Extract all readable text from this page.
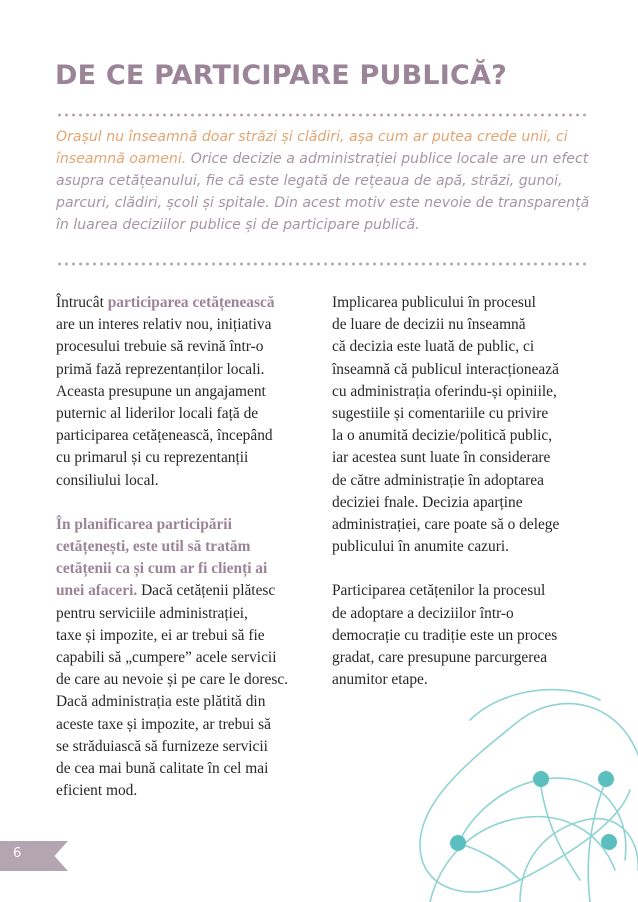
DE CE PARTICIPARE PUBLICĂ?

Orașul nu înseamnă doar străzi și clădiri, așa cum ar putea crede unii, ci înseamnă oameni. Orice decizie a administrației publice locale are un efect asupra cetățeanului, fie că este legată de rețeaua de apă, străzi, gunoi, parcuri, clădiri, școli și spitale. Din acest motiv este nevoie de transparență în luarea deciziilor publice și de participare publică.

Întrucât participarea cetățenească
are un interes relativ nou, inițiativa
procesului trebuie să revină într-o
primă fază reprezentanților locali.
Aceasta presupune un angajament
puternic al liderilor locali față de
participarea cetățenească, începând
cu primarul și cu reprezentanții
consiliului local.

În planificarea participării
cetățenești, este util să tratăm
cetățenii ca și cum ar fi clienți ai
unei afaceri. Dacă cetățenii plătesc
pentru serviciile administrației,
taxe și impozite, ei ar trebui să fie
capabili să „cumpere” acele servicii
de care au nevoie și pe care le doresc.
Dacă administrația este plătită din
aceste taxe și impozite, ar trebui să
se străduiască să furnizeze servicii
de cea mai bună calitate în cel mai
eficient mod.

Implicarea publicului în procesul
de luare de decizii nu înseamnă
că decizia este luată de public, ci
înseamnă că publicul interacționează
cu administrația oferindu-și opiniile,
sugestiile și comentariile cu privire
la o anumită decizie/politică public,
iar acestea sunt luate în considerare
de către administrație în adoptarea
deciziei fnale. Decizia aparține
administrației, care poate să o delege
publicului în anumite cazuri.

Participarea cetățenilor la procesul
de adoptare a deciziilor într-o
democrație cu tradiție este un proces
gradat, care presupune parcurgerea
anumitor etape.

6
